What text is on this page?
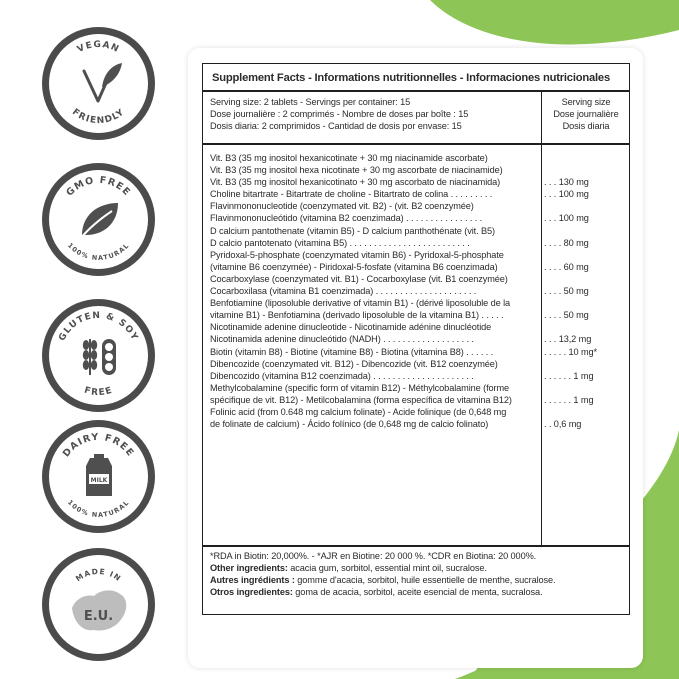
VEGAN
FRIENDLY
GMO FREE
100% NATURAL
GLUTEN & SOY
FREE
DAIRY FREE
100% NATURAL
MILK
MADE IN
E.U.
Supplement Facts - Informations nutritionnelles - Informaciones nutricionales
Serving size: 2 tablets - Servings per container: 15
Dose journalière : 2 comprimés - Nombre de doses par boîte : 15
Dosis diaria: 2 comprimidos - Cantidad de dosis por envase: 15
Serving size
Dose journalière
Dosis diaria
Vit. B3 (35 mg inositol hexanicotinate + 30 mg niacinamide ascorbate)
Vit. B3 (35 mg inositol hexa nicotinate + 30 mg ascorbate de niacinamide)
Vit. B3 (35 mg inositol hexanicotinato + 30 mg ascorbato de niacinamida)	. . . 130 mg
Choline bitartrate - Bitartrate de choline - Bitartrato de colina . . . . . . . . .	. . . 100 mg
Flavinmononucleotide (coenzymated vit. B2) - (vit. B2 coenzymée)
Flavinmononucleótido (vitamina B2 coenzimada) . . . . . . . . . . . . . . . .	. . . 100 mg
D calcium pantothenate (vitamin B5) - D calcium panthothénate (vit. B5)
D calcio pantotenato (vitamina B5) . . . . . . . . . . . . . . . . . . . . . . . . .	. . . . 80 mg
Pyridoxal-5-phosphate (coenzymated vitamin B6) - Pyridoxal-5-phosphate
(vitamine B6 coenzymée) - Piridoxal-5-fosfate (vitamina B6 coenzimada)	. . . . 60 mg
Cocarboxylase (coenzymated vit. B1) - Cocarboxylase (vit. B1 coenzymée)
Cocarboxilasa (vitamina B1 coenzimada) . . . . . . . . . . . . . . . . . . . . .	. . . . 50 mg
Benfotiamine (liposoluble derivative of vitamin B1) - (dérivé liposoluble de la
vitamine B1) - Benfotiamina (derivado liposoluble de la vitamina B1) . . . . .	. . . . 50 mg
Nicotinamide adenine dinucleotide - Nicotinamide adénine dinucléotide
Nicotinamida adenine dinucleótido (NADH) . . . . . . . . . . . . . . . . . . .	. . . 13,2 mg
Biotin (vitamin B8) - Biotine (vitamine B8) - Biotina (vitamina B8) . . . . . .	. . . . . 10 mg*
Dibencozide (coenzymated vit. B12) - Dibencozide (vit. B12 coenzymée)
Dibencozido (vitamina B12 coenzimada) . . . . . . . . . . . . . . . . . . . . .	. . . . . . 1 mg
Methylcobalamine (specific form of vitamin B12) - Méthylcobalamine (forme
spécifique de vit. B12) - Metilcobalamina (forma específica de vitamina B12)	. . . . . . 1 mg
Folinic acid (from 0.648 mg calcium folinate) - Acide folinique (de 0,648 mg
de folinate de calcium) - Ácido folínico (de 0,648 mg de calcio folinato)	. . 0,6 mg
*RDA in Biotin: 20,000%. - *AJR en Biotine: 20 000 %. *CDR en Biotina: 20 000%.
Other ingredients: acacia gum, sorbitol, essential mint oil, sucralose.
Autres ingrédients : gomme d'acacia, sorbitol, huile essentielle de menthe, sucralose.
Otros ingredientes: goma de acacia, sorbitol, aceite esencial de menta, sucralosa.
